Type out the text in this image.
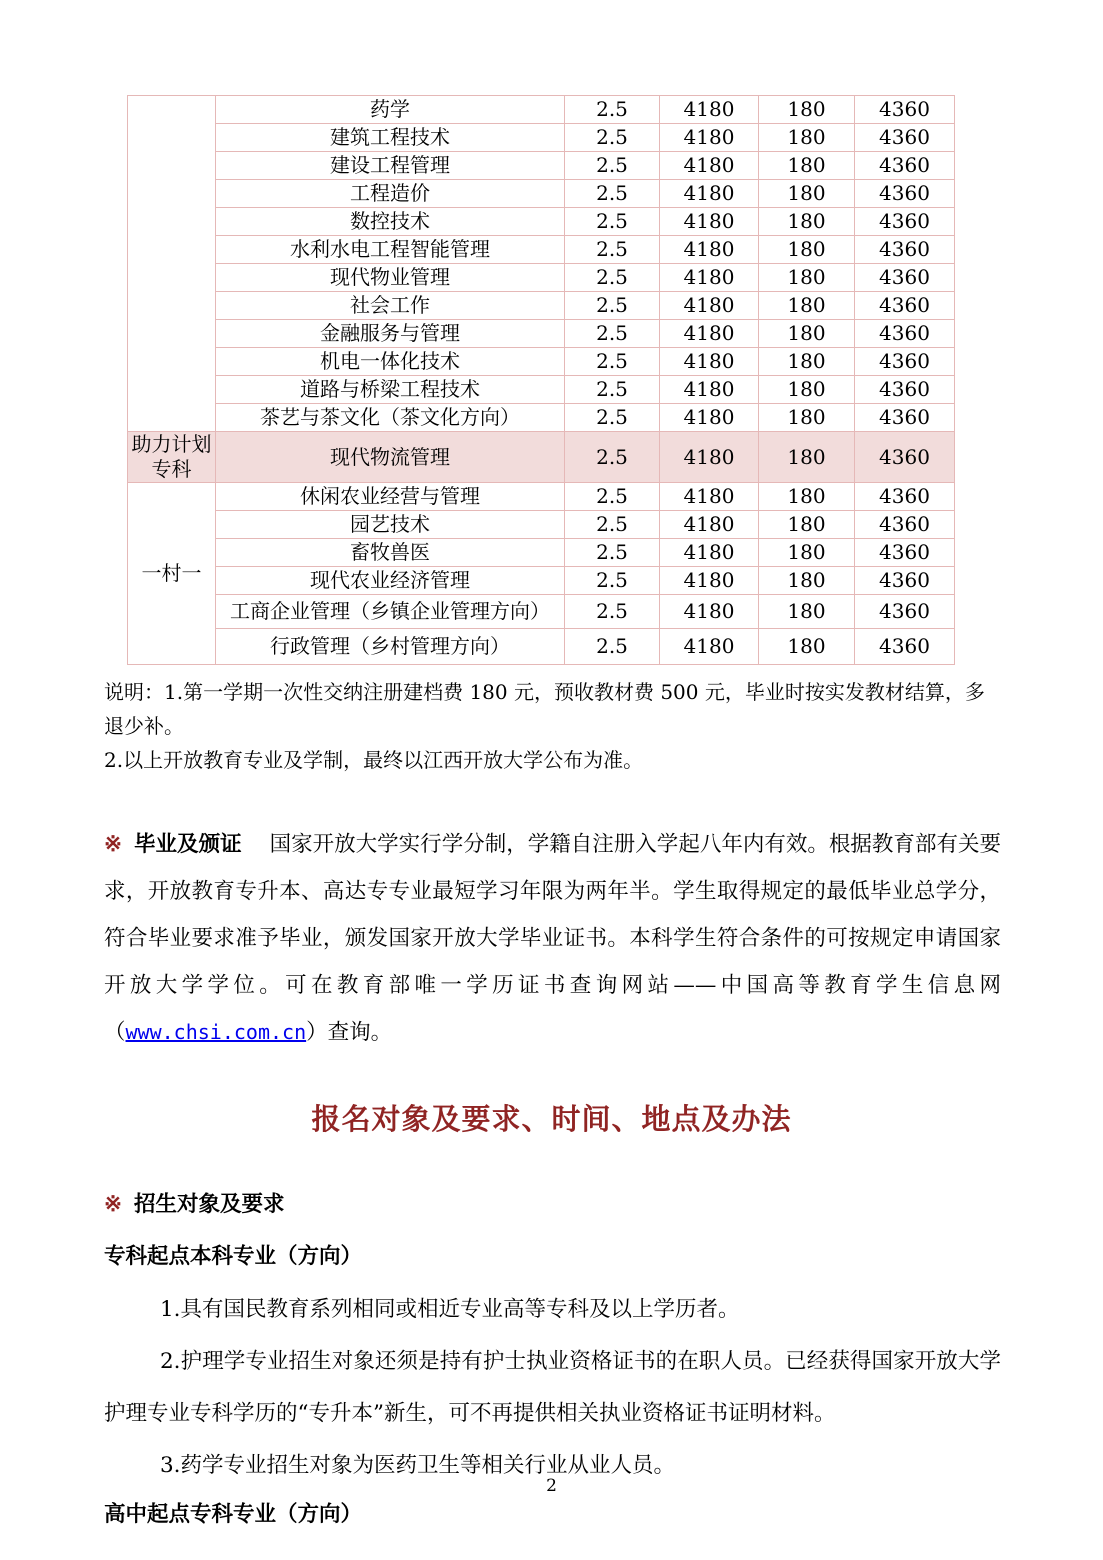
	药学	2.5	4180	180	4360
	建筑工程技术	2.5	4180	180	4360
	建设工程管理	2.5	4180	180	4360
	工程造价	2.5	4180	180	4360
	数控技术	2.5	4180	180	4360
	水利水电工程智能管理	2.5	4180	180	4360
	现代物业管理	2.5	4180	180	4360
	社会工作	2.5	4180	180	4360
	金融服务与管理	2.5	4180	180	4360
	机电一体化技术	2.5	4180	180	4360
	道路与桥梁工程技术	2.5	4180	180	4360
	茶艺与茶文化（茶文化方向）	2.5	4180	180	4360
助力计划专科	现代物流管理	2.5	4180	180	4360
一村一	休闲农业经营与管理	2.5	4180	180	4360
	园艺技术	2.5	4180	180	4360
	畜牧兽医	2.5	4180	180	4360
	现代农业经济管理	2.5	4180	180	4360
	工商企业管理（乡镇企业管理方向）	2.5	4180	180	4360
	行政管理（乡村管理方向）	2.5	4180	180	4360

说明：1.第一学期一次性交纳注册建档费 180 元，预收教材费 500 元，毕业时按实发教材结算，多退少补。

2.以上开放教育专业及学制，最终以江西开放大学公布为准。

※ 毕业及颁证 国家开放大学实行学分制，学籍自注册入学起八年内有效。根据教育部有关要求，开放教育专升本、高达专专业最短学习年限为两年半。学生取得规定的最低毕业总学分，符合毕业要求准予毕业，颁发国家开放大学毕业证书。本科学生符合条件的可按规定申请国家开放大学学位。可在教育部唯一学历证书查询网站——中国高等教育学生信息网（www.chsi.com.cn）查询。

报名对象及要求、时间、地点及办法

※ 招生对象及要求

专科起点本科专业（方向）

1.具有国民教育系列相同或相近专业高等专科及以上学历者。

2.护理学专业招生对象还须是持有护士执业资格证书的在职人员。已经获得国家开放大学护理专业专科学历的“专升本”新生，可不再提供相关执业资格证书证明材料。

3.药学专业招生对象为医药卫生等相关行业从业人员。

高中起点专科专业（方向）

2
